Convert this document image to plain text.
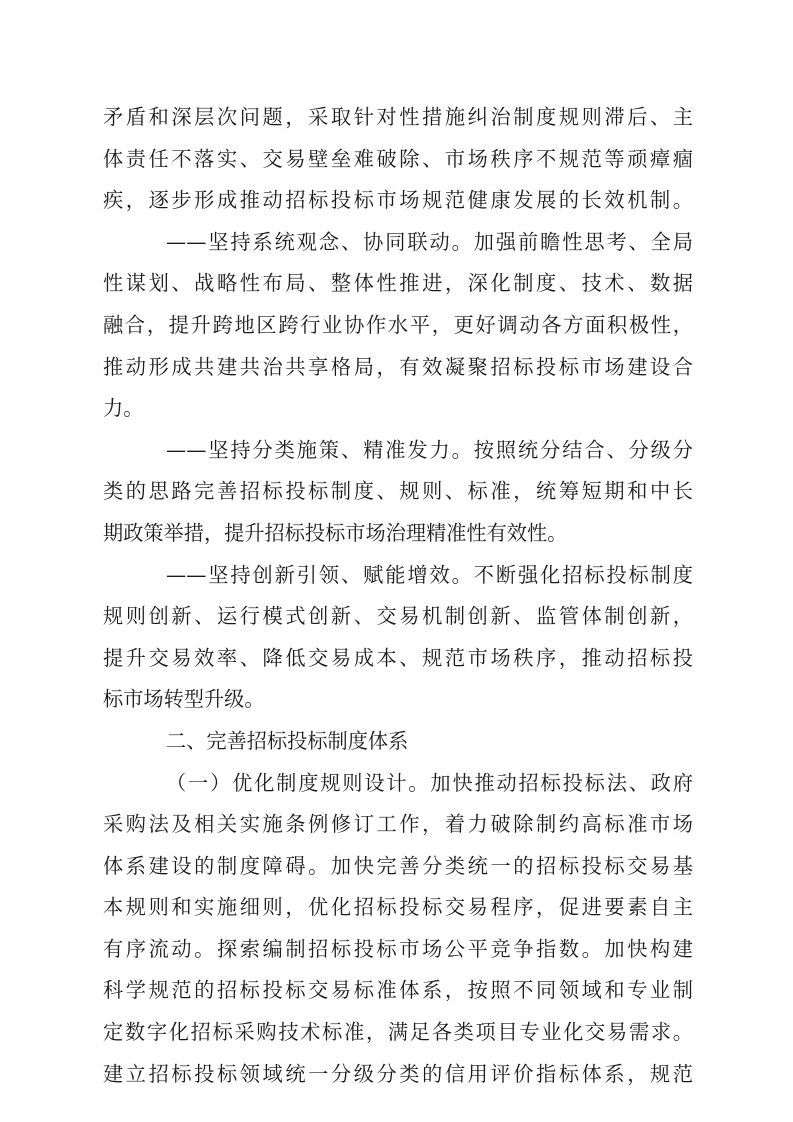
矛盾和深层次问题，采取针对性措施纠治制度规则滞后、主
体责任不落实、交易壁垒难破除、市场秩序不规范等顽瘴痼
疾，逐步形成推动招标投标市场规范健康发展的长效机制。
——坚持系统观念、协同联动。加强前瞻性思考、全局
性谋划、战略性布局、整体性推进，深化制度、技术、数据
融合，提升跨地区跨行业协作水平，更好调动各方面积极性，
推动形成共建共治共享格局，有效凝聚招标投标市场建设合
力。
——坚持分类施策、精准发力。按照统分结合、分级分
类的思路完善招标投标制度、规则、标准，统筹短期和中长
期政策举措，提升招标投标市场治理精准性有效性。
——坚持创新引领、赋能增效。不断强化招标投标制度
规则创新、运行模式创新、交易机制创新、监管体制创新，
提升交易效率、降低交易成本、规范市场秩序，推动招标投
标市场转型升级。
二、完善招标投标制度体系
（一）优化制度规则设计。加快推动招标投标法、政府
采购法及相关实施条例修订工作，着力破除制约高标准市场
体系建设的制度障碍。加快完善分类统一的招标投标交易基
本规则和实施细则，优化招标投标交易程序，促进要素自主
有序流动。探索编制招标投标市场公平竞争指数。加快构建
科学规范的招标投标交易标准体系，按照不同领域和专业制
定数字化招标采购技术标准，满足各类项目专业化交易需求。
建立招标投标领域统一分级分类的信用评价指标体系，规范
